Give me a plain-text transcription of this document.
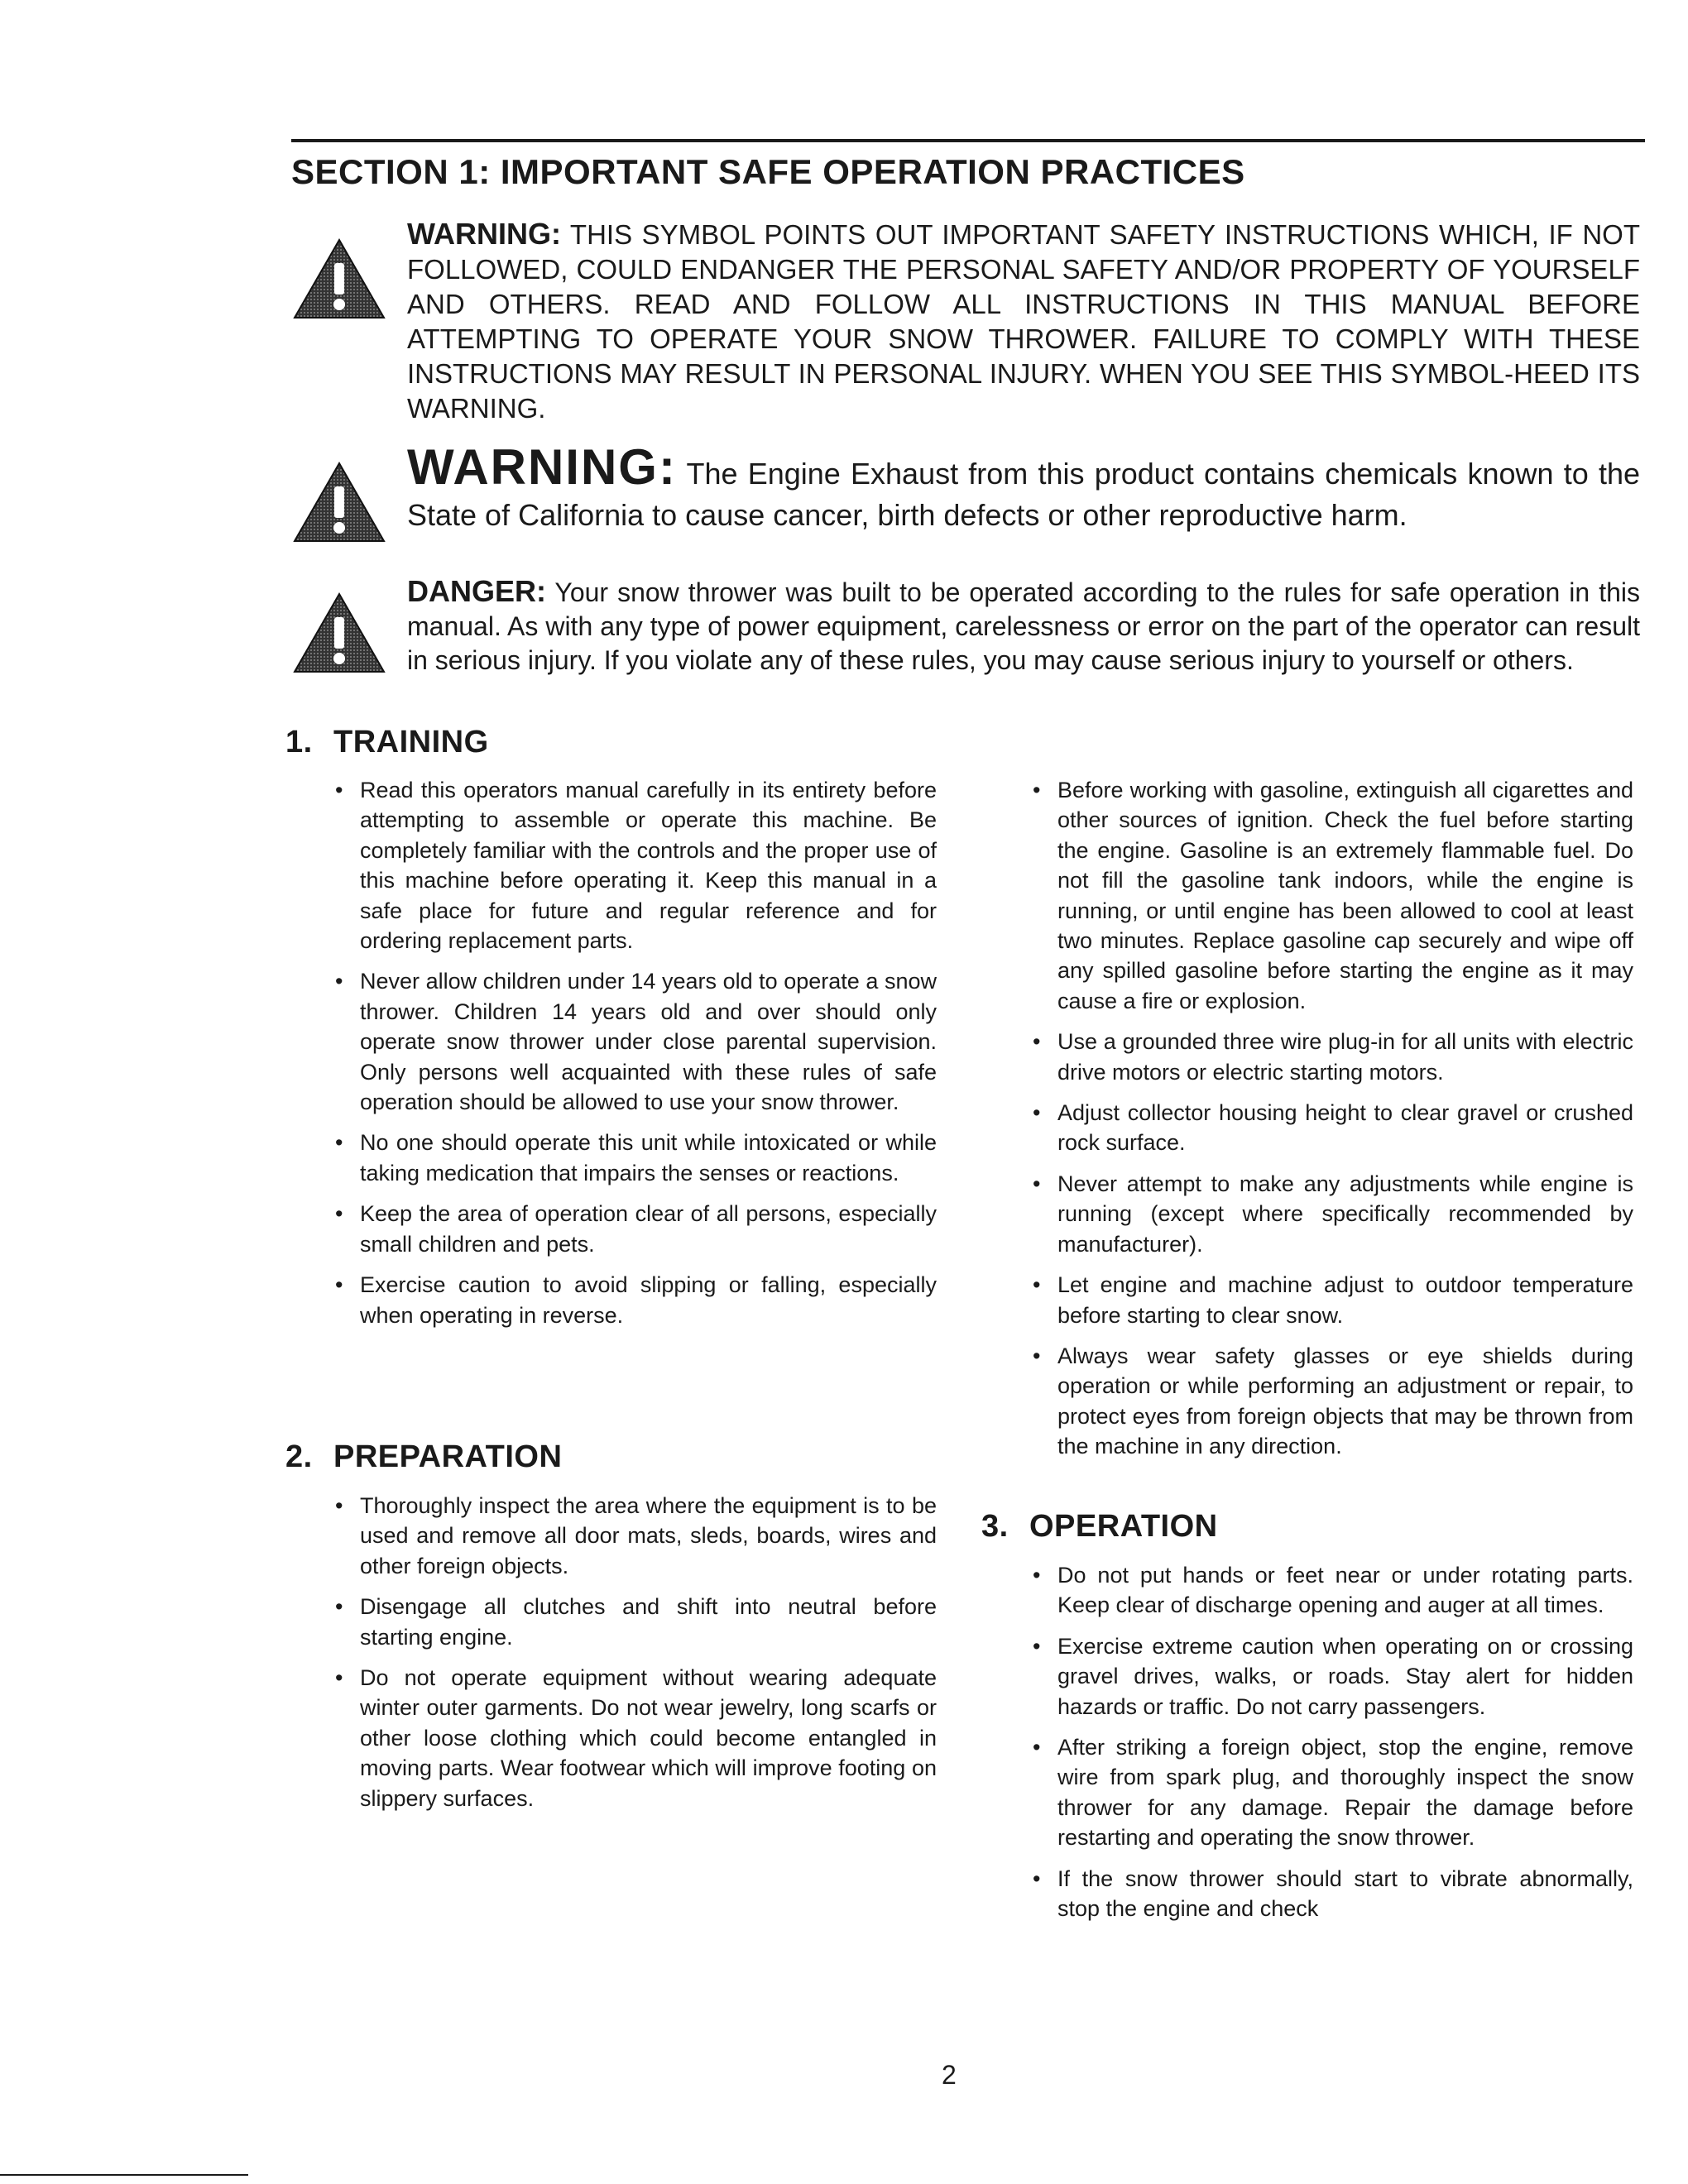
SECTION 1: IMPORTANT SAFE OPERATION PRACTICES
WARNING: THIS SYMBOL POINTS OUT IMPORTANT SAFETY INSTRUCTIONS WHICH, IF NOT FOLLOWED, COULD ENDANGER THE PERSONAL SAFETY AND/OR PROPERTY OF YOURSELF AND OTHERS. READ AND FOLLOW ALL INSTRUCTIONS IN THIS MANUAL BEFORE ATTEMPTING TO OPERATE YOUR SNOW THROWER. FAILURE TO COMPLY WITH THESE INSTRUCTIONS MAY RESULT IN PERSONAL INJURY. WHEN YOU SEE THIS SYMBOL-HEED ITS WARNING.
WARNING: The Engine Exhaust from this product contains chemicals known to the State of California to cause cancer, birth defects or other reproductive harm.
DANGER: Your snow thrower was built to be operated according to the rules for safe operation in this manual. As with any type of power equipment, carelessness or error on the part of the operator can result in serious injury. If you violate any of these rules, you may cause serious injury to yourself or others.
1. TRAINING
• Read this operators manual carefully in its entirety before attempting to assemble or operate this machine. Be completely familiar with the controls and the proper use of this machine before operating it. Keep this manual in a safe place for future and regular reference and for ordering replacement parts.
• Never allow children under 14 years old to operate a snow thrower. Children 14 years old and over should only operate snow thrower under close parental supervision. Only persons well acquainted with these rules of safe operation should be allowed to use your snow thrower.
• No one should operate this unit while intoxicated or while taking medication that impairs the senses or reactions.
• Keep the area of operation clear of all persons, especially small children and pets.
• Exercise caution to avoid slipping or falling, especially when operating in reverse.
2. PREPARATION
• Thoroughly inspect the area where the equipment is to be used and remove all door mats, sleds, boards, wires and other foreign objects.
• Disengage all clutches and shift into neutral before starting engine.
• Do not operate equipment without wearing adequate winter outer garments. Do not wear jewelry, long scarfs or other loose clothing which could become entangled in moving parts. Wear footwear which will improve footing on slippery surfaces.
• Before working with gasoline, extinguish all cigarettes and other sources of ignition. Check the fuel before starting the engine. Gasoline is an extremely flammable fuel. Do not fill the gasoline tank indoors, while the engine is running, or until engine has been allowed to cool at least two minutes. Replace gasoline cap securely and wipe off any spilled gasoline before starting the engine as it may cause a fire or explosion.
• Use a grounded three wire plug-in for all units with electric drive motors or electric starting motors.
• Adjust collector housing height to clear gravel or crushed rock surface.
• Never attempt to make any adjustments while engine is running (except where specifically recommended by manufacturer).
• Let engine and machine adjust to outdoor temperature before starting to clear snow.
• Always wear safety glasses or eye shields during operation or while performing an adjustment or repair, to protect eyes from foreign objects that may be thrown from the machine in any direction.
3. OPERATION
• Do not put hands or feet near or under rotating parts. Keep clear of discharge opening and auger at all times.
• Exercise extreme caution when operating on or crossing gravel drives, walks, or roads. Stay alert for hidden hazards or traffic. Do not carry passengers.
• After striking a foreign object, stop the engine, remove wire from spark plug, and thoroughly inspect the snow thrower for any damage. Repair the damage before restarting and operating the snow thrower.
• If the snow thrower should start to vibrate abnormally, stop the engine and check
2
